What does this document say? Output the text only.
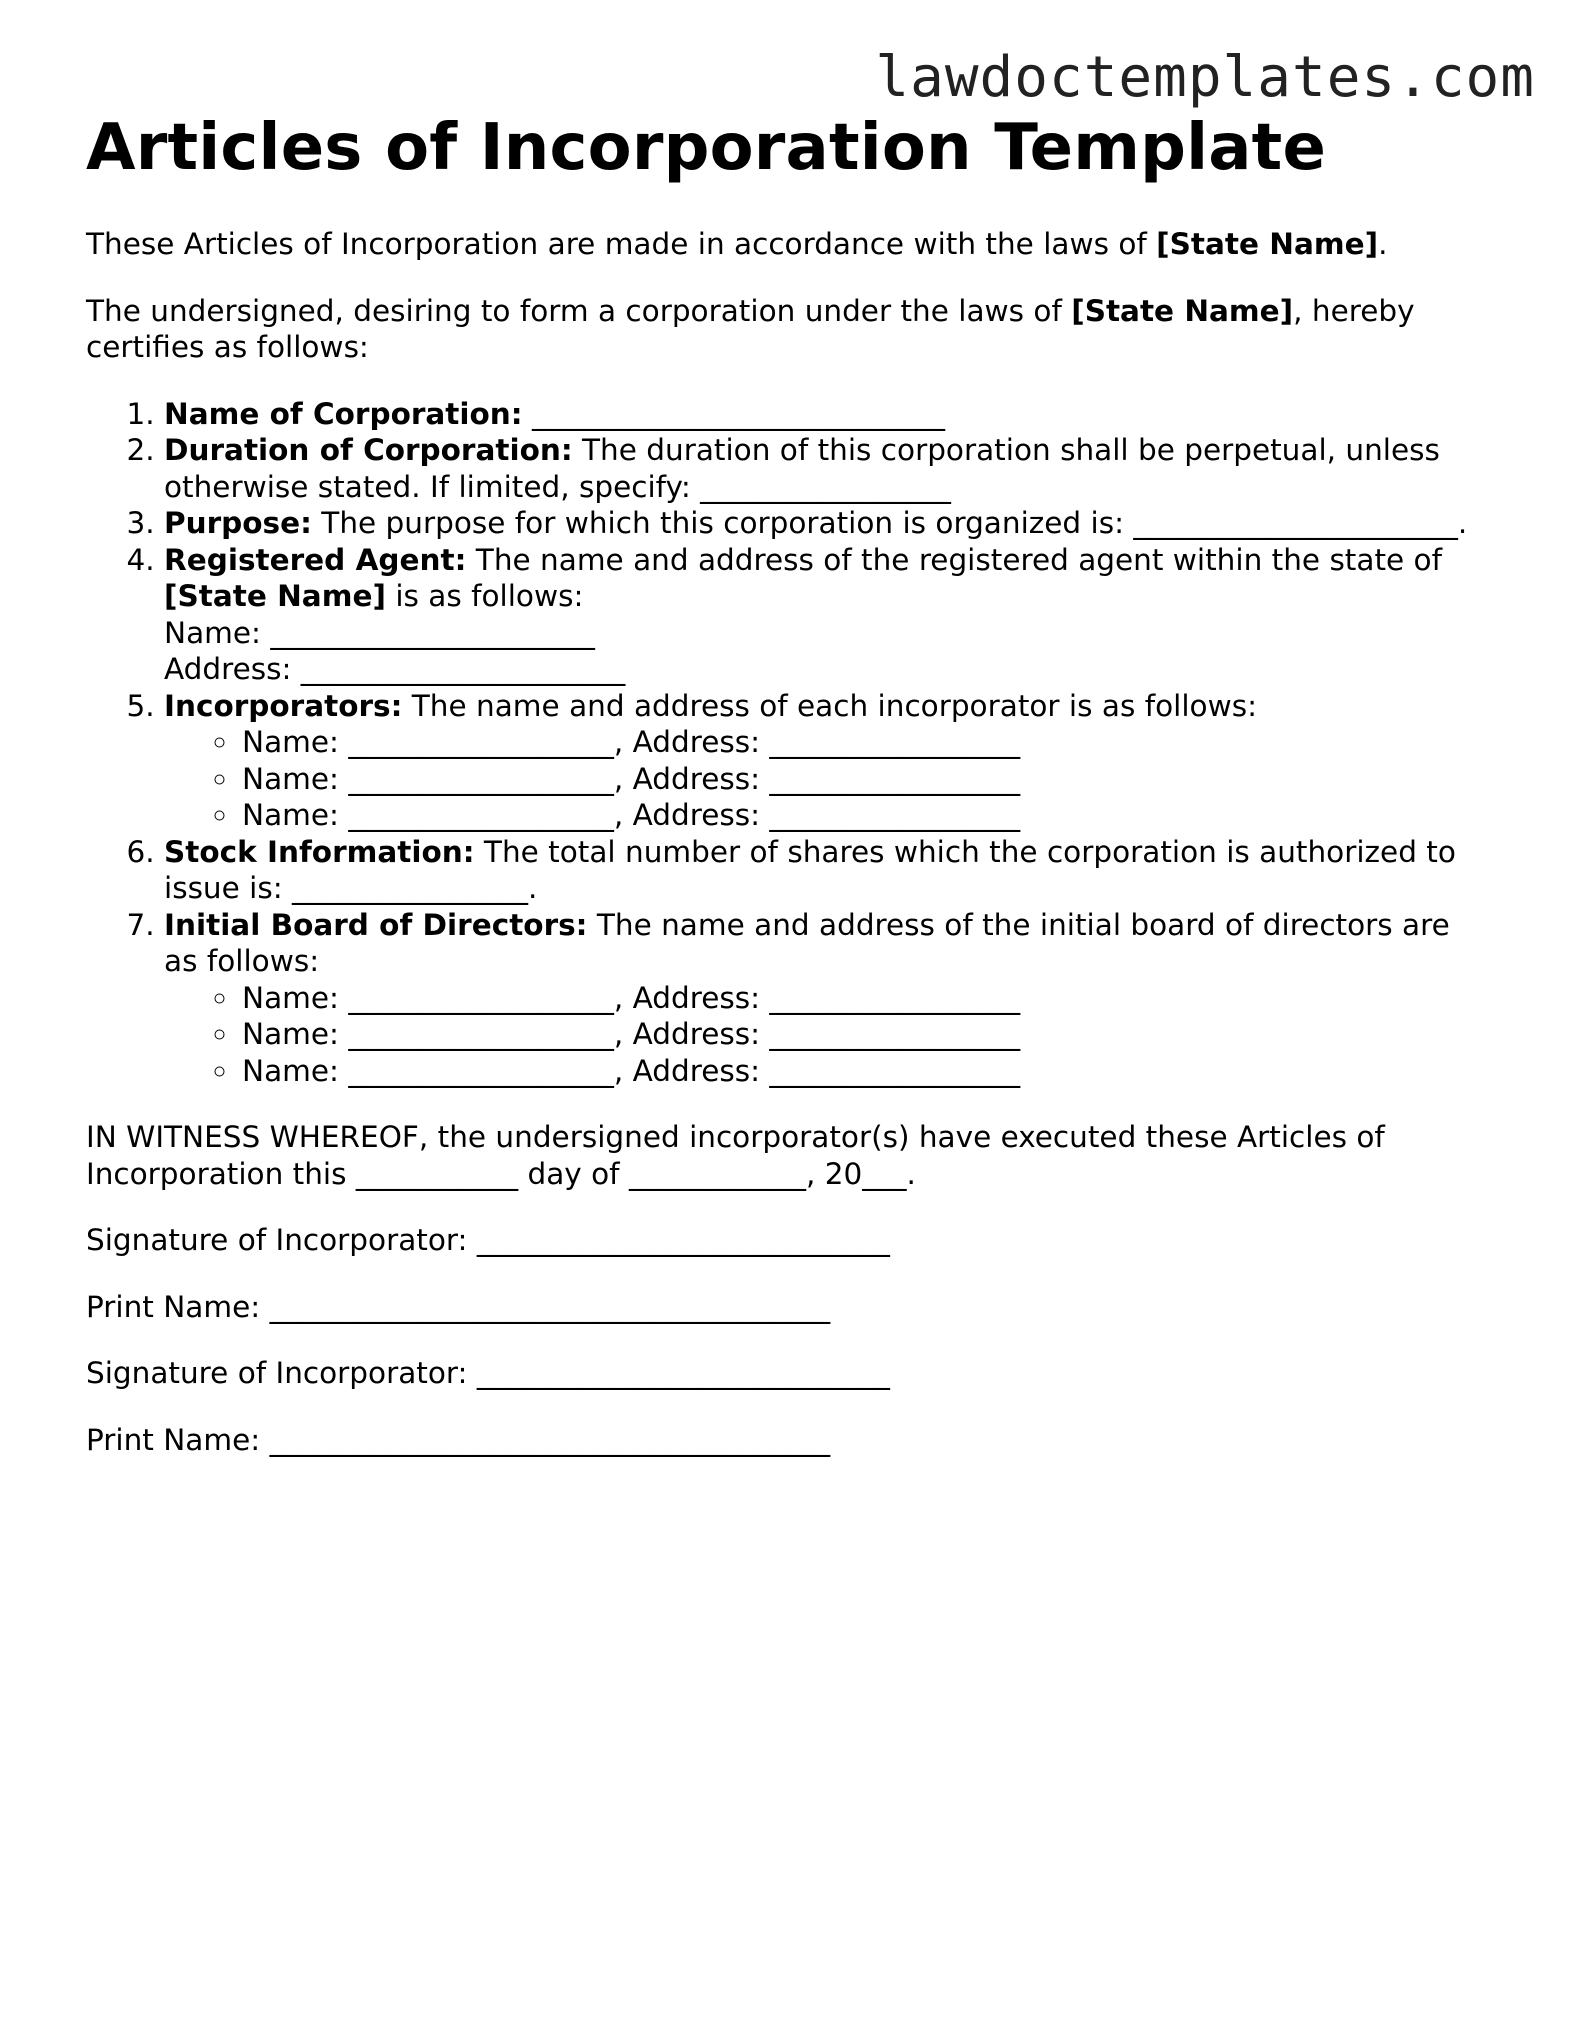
lawdoctemplates.com
Articles of Incorporation Template

These Articles of Incorporation are made in accordance with the laws of [State Name].

The undersigned, desiring to form a corporation under the laws of [State Name], hereby certifies as follows:

1. Name of Corporation: ____________________________
2. Duration of Corporation: The duration of this corporation shall be perpetual, unless otherwise stated. If limited, specify: _________________
3. Purpose: The purpose for which this corporation is organized is: ______________________.
4. Registered Agent: The name and address of the registered agent within the state of [State Name] is as follows:
Name: ______________________
Address: ______________________
5. Incorporators: The name and address of each incorporator is as follows:
◦ Name: __________________, Address: _________________
◦ Name: __________________, Address: _________________
◦ Name: __________________, Address: _________________
6. Stock Information: The total number of shares which the corporation is authorized to issue is: ________________.
7. Initial Board of Directors: The name and address of the initial board of directors are as follows:
◦ Name: __________________, Address: _________________
◦ Name: __________________, Address: _________________
◦ Name: __________________, Address: _________________

IN WITNESS WHEREOF, the undersigned incorporator(s) have executed these Articles of Incorporation this ___________ day of ____________, 20___.

Signature of Incorporator: ____________________________

Print Name: ______________________________________

Signature of Incorporator: ____________________________

Print Name: ______________________________________
